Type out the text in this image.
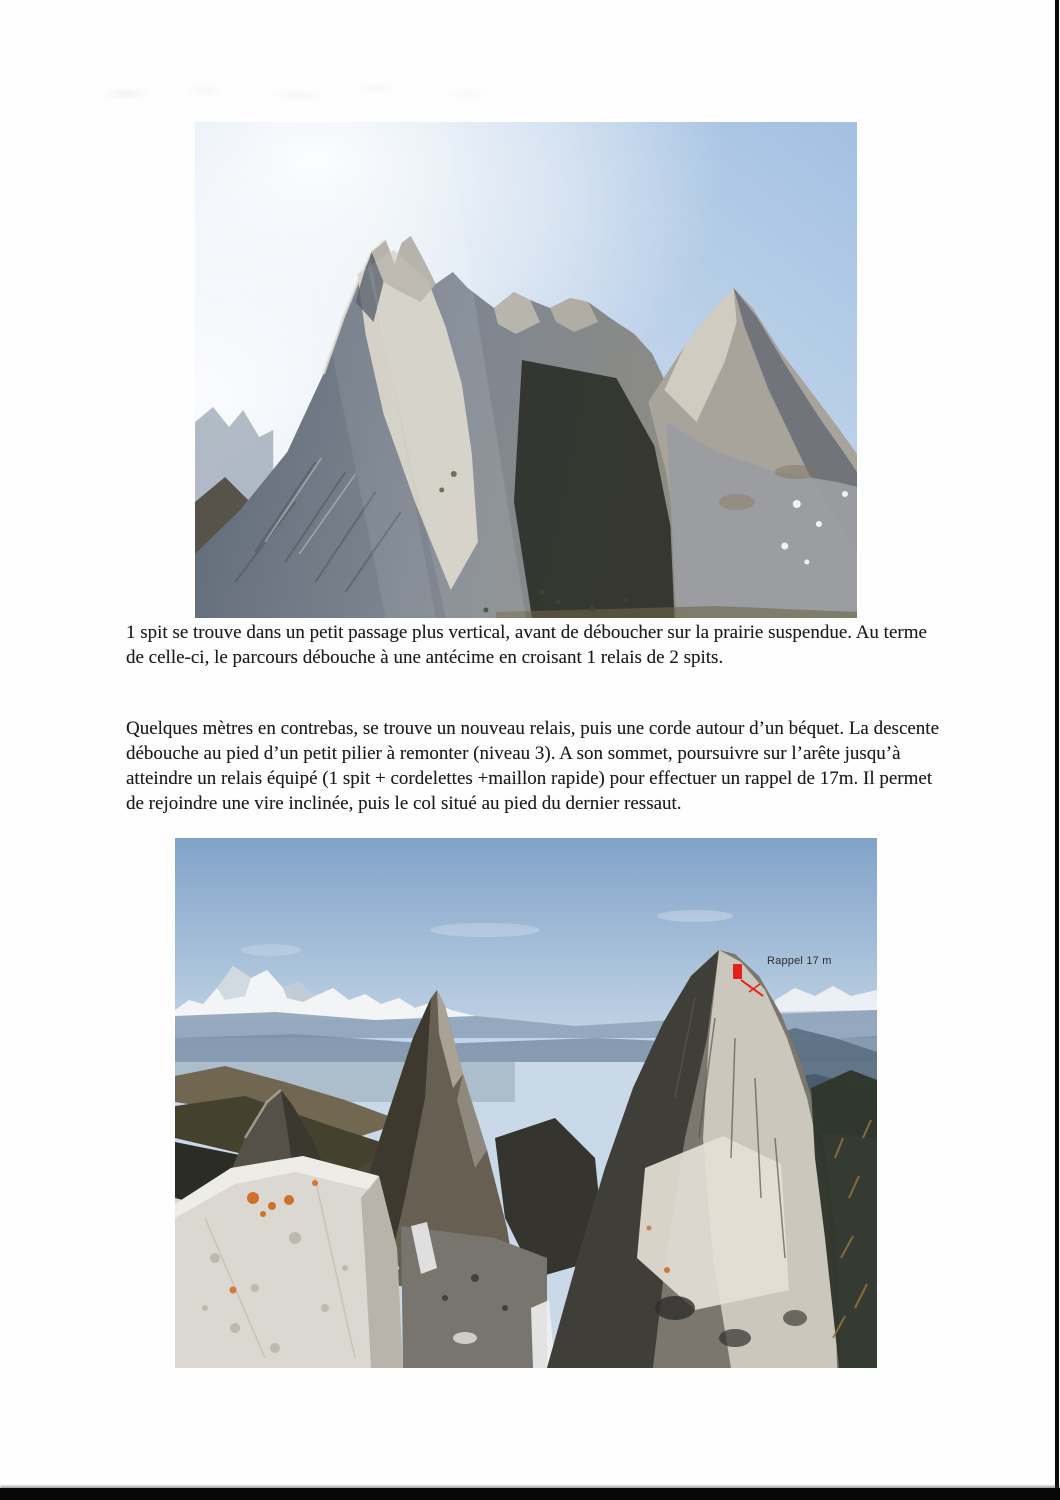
1 spit se trouve dans un petit passage plus vertical, avant de déboucher sur la prairie suspendue. Au terme de celle-ci, le parcours débouche à une antécime en croisant 1 relais de 2 spits.

Quelques mètres en contrebas, se trouve un nouveau relais, puis une corde autour d’un béquet. La descente débouche au pied d’un petit pilier à remonter (niveau 3). A son sommet, poursuivre sur l’arête jusqu’à atteindre un relais équipé (1 spit + cordelettes +maillon rapide) pour effectuer un rappel de 17m. Il permet de rejoindre une vire inclinée, puis le col situé au pied du dernier ressaut.

Rappel 17 m
